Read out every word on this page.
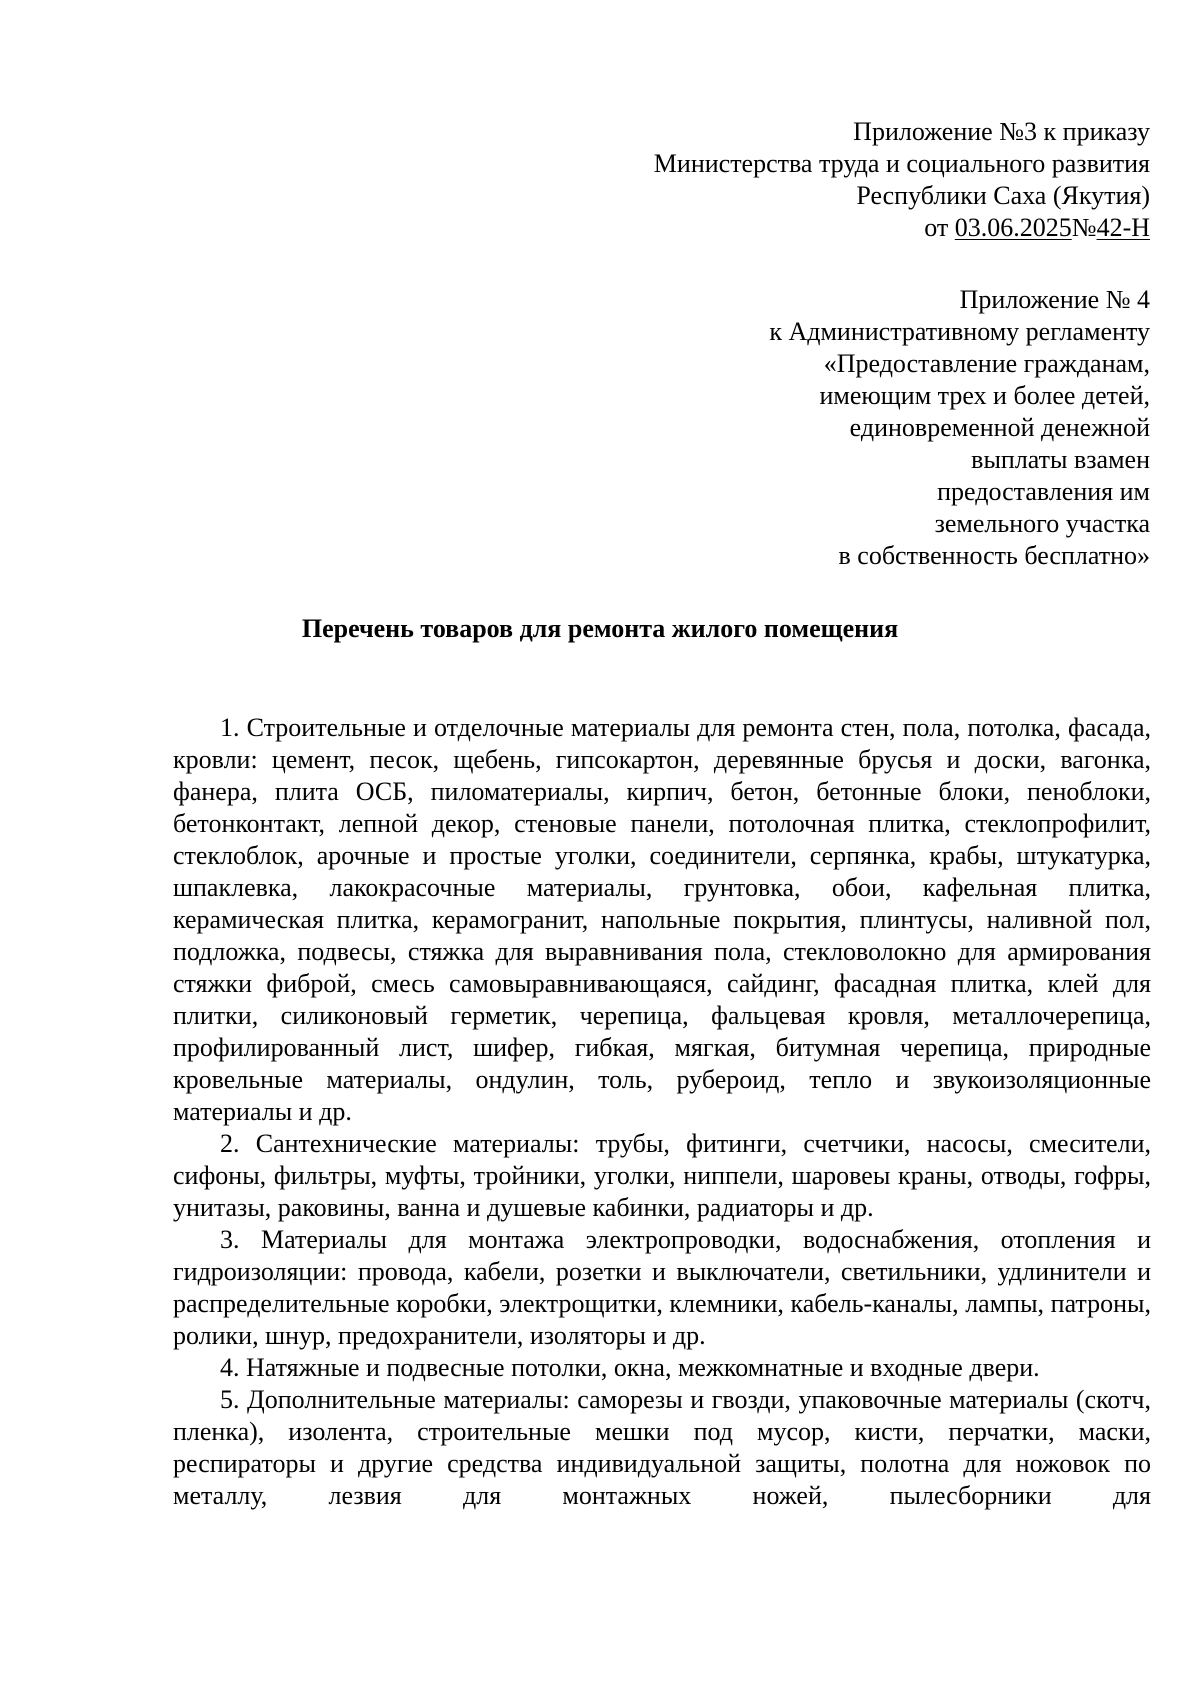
Приложение №3 к приказу
Министерства труда и социального развития
Республики Саха (Якутия)
от 03.06.2025№42-Н
Приложение № 4
к Административному регламенту
«Предоставление гражданам,
имеющим трех и более детей,
единовременной денежной
выплаты взамен
предоставления им
земельного участка
в собственность бесплатно»
Перечень товаров для ремонта жилого помещения

1. Строительные и отделочные материалы для ремонта стен, пола, потолка, фасада, кровли: цемент, песок, щебень, гипсокартон, деревянные брусья и доски, вагонка, фанера, плита ОСБ, пиломатериалы, кирпич, бетон, бетонные блоки, пеноблоки, бетонконтакт, лепной декор, стеновые панели, потолочная плитка, стеклопрофилит, стеклоблок, арочные и простые уголки, соединители, серпянка, крабы, штукатурка, шпаклевка, лакокрасочные материалы, грунтовка, обои, кафельная плитка, керамическая плитка, керамогранит, напольные покрытия, плинтусы, наливной пол, подложка, подвесы, стяжка для выравнивания пола, стекловолокно для армирования стяжки фиброй, смесь самовыравнивающаяся, сайдинг, фасадная плитка, клей для плитки, силиконовый герметик, черепица, фальцевая кровля, металлочерепица, профилированный лист, шифер, гибкая, мягкая, битумная черепица, природные кровельные материалы, ондулин, толь, рубероид, тепло и звукоизоляционные материалы и др.

2. Сантехнические материалы: трубы, фитинги, счетчики, насосы, смесители, сифоны, фильтры, муфты, тройники, уголки, ниппели, шаровеы краны, отводы, гофры, унитазы, раковины, ванна и душевые кабинки, радиаторы и др.

3. Материалы для монтажа электропроводки, водоснабжения, отопления и гидроизоляции: провода, кабели, розетки и выключатели, светильники, удлинители и распределительные коробки, электрощитки, клемники, кабель-каналы, лампы, патроны, ролики, шнур, предохранители, изоляторы и др.

4. Натяжные и подвесные потолки, окна, межкомнатные и входные двери.

5. Дополнительные материалы: саморезы и гвозди, упаковочные материалы (скотч, пленка), изолента, строительные мешки под мусор, кисти, перчатки, маски, респираторы и другие средства индивидуальной защиты, полотна для ножовок по металлу, лезвия для монтажных ножей, пылесборники для
